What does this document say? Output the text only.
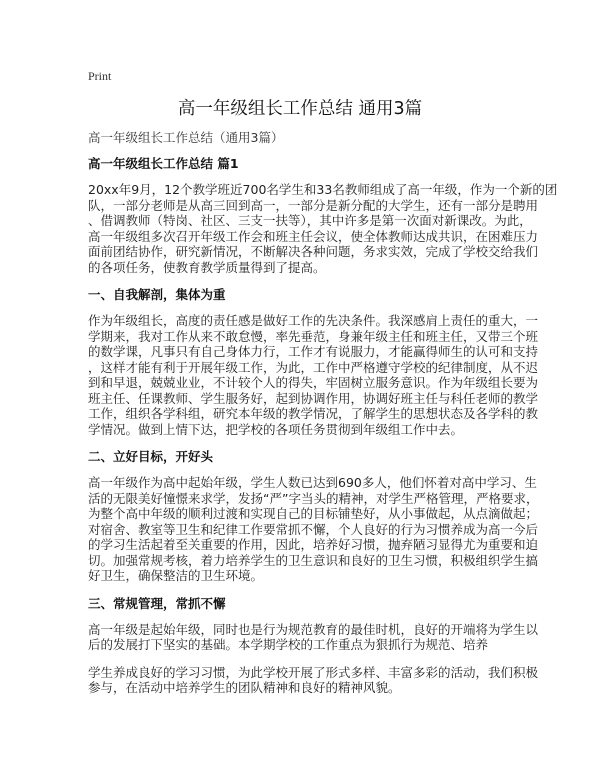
Print
高一年级组长工作总结 通用3篇
高一年级组长工作总结（通用3篇）
高一年级组长工作总结 篇1
20xx年9月，12个教学班近700名学生和33名教师组成了高一年级，作为一个新的团
队，一部分老师是从高三回到高一，一部分是新分配的大学生，还有一部分是聘用
、借调教师（特岗、社区、三支一扶等），其中许多是第一次面对新课改。为此，
高一年级组多次召开年级工作会和班主任会议，使全体教师达成共识，在困难压力
面前团结协作，研究新情况，不断解决各种问题，务求实效，完成了学校交给我们
的各项任务，使教育教学质量得到了提高。
一、自我解剖，集体为重
作为年级组长，高度的责任感是做好工作的先决条件。我深感肩上责任的重大，一
学期来，我对工作从来不敢怠慢，率先垂范，身兼年级主任和班主任，又带三个班
的数学课，凡事只有自己身体力行，工作才有说服力，才能赢得师生的认可和支持
，这样才能有利于开展年级工作，为此，工作中严格遵守学校的纪律制度，从不迟
到和早退，兢兢业业，不计较个人的得失，牢固树立服务意识。作为年级组长要为
班主任、任课教师、学生服务好，起到协调作用，协调好班主任与科任老师的教学
工作，组织各学科组，研究本年级的教学情况，了解学生的思想状态及各学科的教
学情况。做到上情下达，把学校的各项任务贯彻到年级组工作中去。
二、立好目标，开好头
高一年级作为高中起始年级，学生人数已达到690多人，他们怀着对高中学习、生
活的无限美好憧憬来求学，发扬“严”字当头的精神，对学生严格管理，严格要求，
为整个高中年级的顺利过渡和实现自己的目标铺垫好，从小事做起，从点滴做起；
对宿舍、教室等卫生和纪律工作要常抓不懈，个人良好的行为习惯养成为高一今后
的学习生活起着至关重要的作用，因此，培养好习惯，抛弃陋习显得尤为重要和迫
切。加强常规考核，着力培养学生的卫生意识和良好的卫生习惯，积极组织学生搞
好卫生，确保整洁的卫生环境。
三、常规管理，常抓不懈
高一年级是起始年级，同时也是行为规范教育的最佳时机，良好的开端将为学生以
后的发展打下坚实的基础。本学期学校的工作重点为狠抓行为规范、培养
学生养成良好的学习习惯，为此学校开展了形式多样、丰富多彩的活动，我们积极
参与，在活动中培养学生的团队精神和良好的精神风貌。
